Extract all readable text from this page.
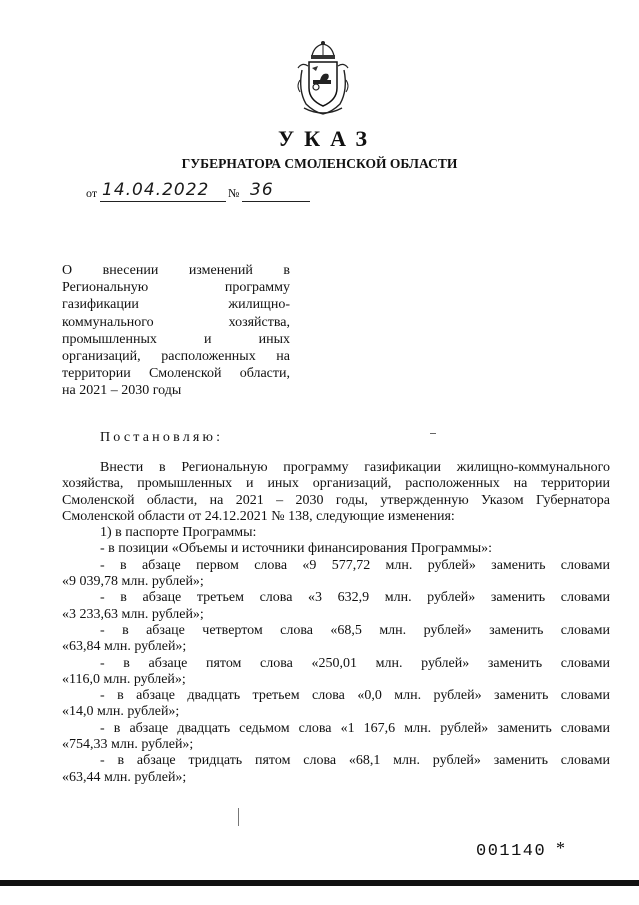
УКАЗ
ГУБЕРНАТОРА СМОЛЕНСКОЙ ОБЛАСТИ
от 14.04.2022 № 36
О внесении изменений в
Региональную программу
газификации жилищно-
коммунального хозяйства,
промышленных и иных
организаций, расположенных на
территории Смоленской области,
на 2021 – 2030 годы
Постановляю:
Внести в Региональную программу газификации жилищно-коммунального
хозяйства, промышленных и иных организаций, расположенных на территории
Смоленской области, на 2021 – 2030 годы, утвержденную Указом Губернатора
Смоленской области от 24.12.2021 № 138, следующие изменения:
1) в паспорте Программы:
- в позиции «Объемы и источники финансирования Программы»:
- в абзаце первом слова «9 577,72 млн. рублей» заменить словами
«9 039,78 млн. рублей»;
- в абзаце третьем слова «3 632,9 млн. рублей» заменить словами
«3 233,63 млн. рублей»;
- в абзаце четвертом слова «68,5 млн. рублей» заменить словами
«63,84 млн. рублей»;
- в абзаце пятом слова «250,01 млн. рублей» заменить словами
«116,0 млн. рублей»;
- в абзаце двадцать третьем слова «0,0 млн. рублей» заменить словами
«14,0 млн. рублей»;
- в абзаце двадцать седьмом слова «1 167,6 млн. рублей» заменить словами
«754,33 млн. рублей»;
- в абзаце тридцать пятом слова «68,1 млн. рублей» заменить словами
«63,44 млн. рублей»;
001140 *
